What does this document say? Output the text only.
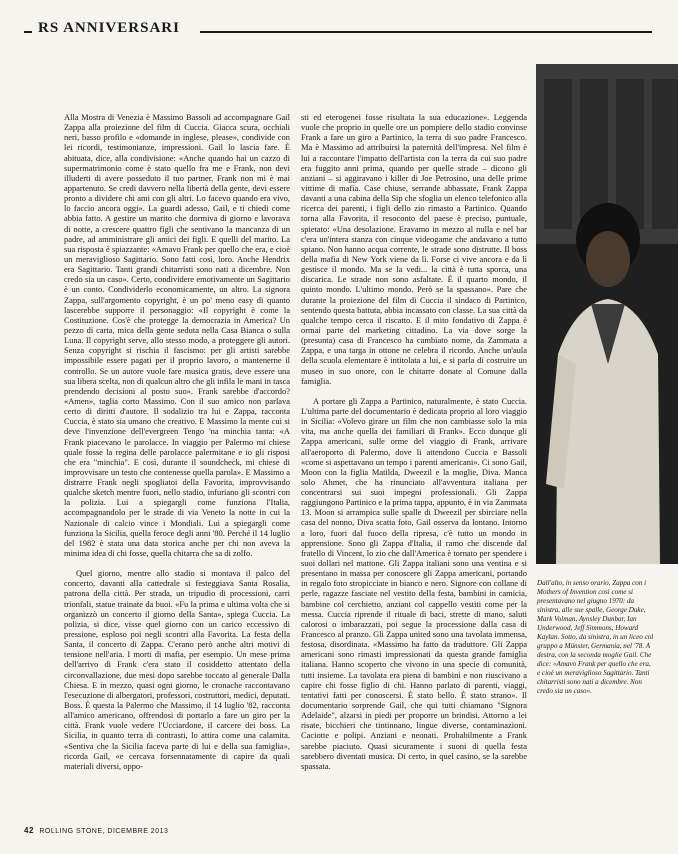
RS ANNIVERSARI

Alla Mostra di Venezia è Massimo Bassoli ad accompagnare Gail Zappa alla proiezione del film di Cuccia. Giacca scura, occhiali neri, basso profilo e «domande in inglese, please», condivide con lei ricordi, testimonianze, impressioni. Gail lo lascia fare. È abituata, dice, alla condivisione: «Anche quando hai un cazzo di supermatrimonio come è stato quello fra me e Frank, non devi illuderti di avere posseduto il tuo partner. Frank non mi è mai appartenuto. Se credi davvero nella libertà della gente, devi essere pronto a dividere chi ami con gli altri. Lo facevo quando era vivo, lo faccio ancora oggi». La guardi adesso, Gail, e ti chiedi come abbia fatto. A gestire un marito che dormiva di giorno e lavorava di notte, a crescere quattro figli che sentivano la mancanza di un padre, ad amministrare gli amici dei figli. E quelli del marito. La sua risposta è spiazzante: «Amavo Frank per quello che era, e cioè un meraviglioso Sagittario. Sono fatti così, loro. Anche Hendrix era Sagittario. Tanti grandi chitarristi sono nati a dicembre. Non credo sia un caso». Certo, condividere emotivamente un Sagittario è un conto. Condividerlo economicamente, un altro. La signora Zappa, sull'argomento copyright, è un po' meno easy di quanto lascerebbe supporre il personaggio: «Il copyright è come la Costituzione. Cos'è che protegge la democrazia in America? Un pezzo di carta, mica della gente seduta nella Casa Bianca o sulla Luna. Il copyright serve, allo stesso modo, a proteggere gli autori. Senza copyright si rischia il fascismo: per gli artisti sarebbe impossibile essere pagati per il proprio lavoro, o mantenerne il controllo. Se un autore vuole fare musica gratis, deve essere una sua libera scelta, non di qualcun altro che gli infila le mani in tasca prendendo decisioni al posto suo». Frank sarebbe d'accordo? «Amen», taglia corto Massimo. Con il suo amico non parlava certo di diritti d'autore. Il sodalizio tra lui e Zappa, racconta Cuccia, è stato sia umano che creativo. E Massimo la mente cui si deve l'invenzione dell'evergreen Tengo 'na minchia tanta: «A Frank piacevano le parolacce. In viaggio per Palermo mi chiese quale fosse la regina delle parolacce palermitane e io gli risposi che era "minchia". E così, durante il soundcheck, mi chiese di improvvisare un testo che contenesse quella parola». E Massimo a distrarre Frank negli spogliatoi della Favorita, improvvisando qualche sketch mentre fuori, nello stadio, infuriano gli scontri con la polizia. Lui a spiegargli come funziona l'Italia, accompagnandolo per le strade di via Veneto la notte in cui la Nazionale di calcio vince i Mondiali. Lui a spiegargli come funziona la Sicilia, quella feroce degli anni '80. Perché il 14 luglio del 1982 è stata una data storica anche per chi non aveva la minima idea di chi fosse, quella chitarra che sa di zolfo.

Quel giorno, mentre allo stadio si montava il palco del concerto, davanti alla cattedrale si festeggiava Santa Rosalia, patrona della città. Per strada, un tripudio di processioni, carri trionfali, statue trainate da buoi. «Fu la prima e ultima volta che si organizzò un concerto il giorno della Santa», spiega Cuccia. La polizia, si dice, visse quel giorno con un carico eccessivo di pressione, esploso poi negli scontri alla Favorita. La festa della Santa, il concerto di Zappa. C'erano però anche altri motivi di tensione nell'aria. I morti di mafia, per esempio. Un mese prima dell'arrivo di Frank c'era stato il cosiddetto attentato della circonvallazione, due mesi dopo sarebbe toccato al generale Dalla Chiesa. E in mezzo, quasi ogni giorno, le cronache raccontavano l'esecuzione di albergatori, professori, costruttori, medici, deputati. Boss. È questa la Palermo che Massimo, il 14 luglio '82, racconta all'amico americano, offrendosi di portarlo a fare un giro per la città. Frank vuole vedere l'Ucciardone, il carcere dei boss. La Sicilia, in quanto terra di contrasti, lo attira come una calamita. «Sentiva che la Sicilia faceva parte di lui e della sua famiglia», ricorda Gail, «e cercava forsennatamente di capire da quali materiali diversi, oppo-

sti ed eterogenei fosse risultata la sua educazione». Leggenda vuole che proprio in quelle ore un pompiere dello stadio convinse Frank a fare un giro a Partinico, la terra di suo padre Francesco. Ma è Massimo ad attribuirsi la paternità dell'impresa. Nel film è lui a raccontare l'impatto dell'artista con la terra da cui suo padre era fuggito anni prima, quando per quelle strade – dicono gli anziani – si aggiravano i killer di Joe Petrosino, una delle prime vittime di mafia. Case chiuse, serrande abbassate, Frank Zappa davanti a una cabina della Sip che sfoglia un elenco telefonico alla ricerca dei parenti, i figli dello zio rimasto a Partinico. Quando torna alla Favorita, il resoconto del paese è preciso, puntuale, spietato: «Una desolazione. Eravamo in mezzo al nulla e nel bar c'era un'intera stanza con cinque videogame che andavano a tutto spiano. Non hanno acqua corrente, le strade sono distrutte. Il boss della mafia di New York viene da lì. Forse ci vive ancora e da lì gestisce il mondo. Ma se la vedi... la città è tutta sporca, una discarica. Le strade non sono asfaltate. È il quarto mondo, il quinto mondo. L'ultimo mondo. Però se la spassano». Pare che durante la proiezione del film di Cuccia il sindaco di Partinico, sentendo questa battuta, abbia incassato con classe. La sua città da qualche tempo cerca il riscatto. E il mito fondativo di Zappa è ormai parte del marketing cittadino. La via dove sorge la (presunta) casa di Francesco ha cambiato nome, da Zammata a Zappa, e una targa in ottone ne celebra il ricordo. Anche un'aula della scuola elementare è intitolata a lui, e si parla di costruire un museo in suo onore, con le chitarre donate al Comune dalla famiglia.

A portare gli Zappa a Partinico, naturalmente, è stato Cuccia. L'ultima parte del documentario è dedicata proprio al loro viaggio in Sicilia: «Volevo girare un film che non cambiasse solo la mia vita, ma anche quella dei familiari di Frank». Ecco dunque gli Zappa americani, sulle orme del viaggio di Frank, arrivare all'aeroporto di Palermo, dove li attendono Cuccia e Bassoli «come si aspettavano un tempo i parenti americani». Ci sono Gail, Moon con la figlia Matilda, Dweezil e la moglie, Diva. Manca solo Ahmet, che ha rinunciato all'avventura italiana per concentrarsi sui suoi impegni professionali. Gli Zappa raggiungono Partinico e la prima tappa, appunto, è in via Zammata 13. Moon si arrampica sulle spalle di Dweezil per sbirciare nella casa del nonno, Diva scatta foto, Gail osserva da lontano. Intorno a loro, fuori dal fuoco della ripresa, c'è tutto un mondo in apprensione. Sono gli Zappa d'Italia, il ramo che discende dal fratello di Vincent, lo zio che dall'America è tornato per spendere i suoi dollari nel mattone. Gli Zappa italiani sono una ventina e si presentano in massa per conoscere gli Zappa americani, portando in regalo foto stropicciate in bianco e nero. Signore con collane di perle, ragazze fasciate nel vestito della festa, bambini in camicia, bambine col cerchietto, anziani col cappello vestiti come per la messa. Cuccia riprende il rituale di baci, strette di mano, saluti calorosi o imbarazzati, poi segue la processione dalla casa di Francesco al pranzo. Gli Zappa united sono una tavolata immensa, festosa, disordinata. «Massimo ha fatto da traduttore. Gli Zappa americani sono rimasti impressionati da questa grande famiglia italiana. Hanno scoperto che vivono in una specie di comunità, tutti insieme. La tavolata era piena di bambini e non riuscivano a capire chi fosse figlio di chi. Hanno parlato di parenti, viaggi, tentativi fatti per conoscersi. È stato bello. È stato strano». Il documentario sorprende Gail, che qui tutti chiamano "Signora Adelaide", alzarsi in piedi per proporre un brindisi. Attorno a lei risate, bicchieri che tintinnano, lingue diverse, contaminazioni. Caciotte e polipi. Anziani e neonati. Probabilmente a Frank sarebbe piaciuto. Quasi sicuramente i suoni di quella festa sarebbero diventati musica. Di certo, in quel casino, se la sarebbe spassata.

Dall'alto, in senso orario, Zappa con i Mothers of Invention così come si presentavano nel giugno 1970: da sinistra, alle sue spalle, George Duke, Mark Volman, Aynsley Dunbar, Ian Underwood, Jeff Simmons, Howard Kaylan. Sotto, da sinistra, in un liceo col gruppo a Münster, Germania, nel '78. A destra, con la seconda moglie Gail. Che dice: «Amavo Frank per quello che era, e cioè un meraviglioso Sagittario. Tanti chitarristi sono nati a dicembre. Non credo sia un caso».
42 ROLLING STONE, DICEMBRE 2013
